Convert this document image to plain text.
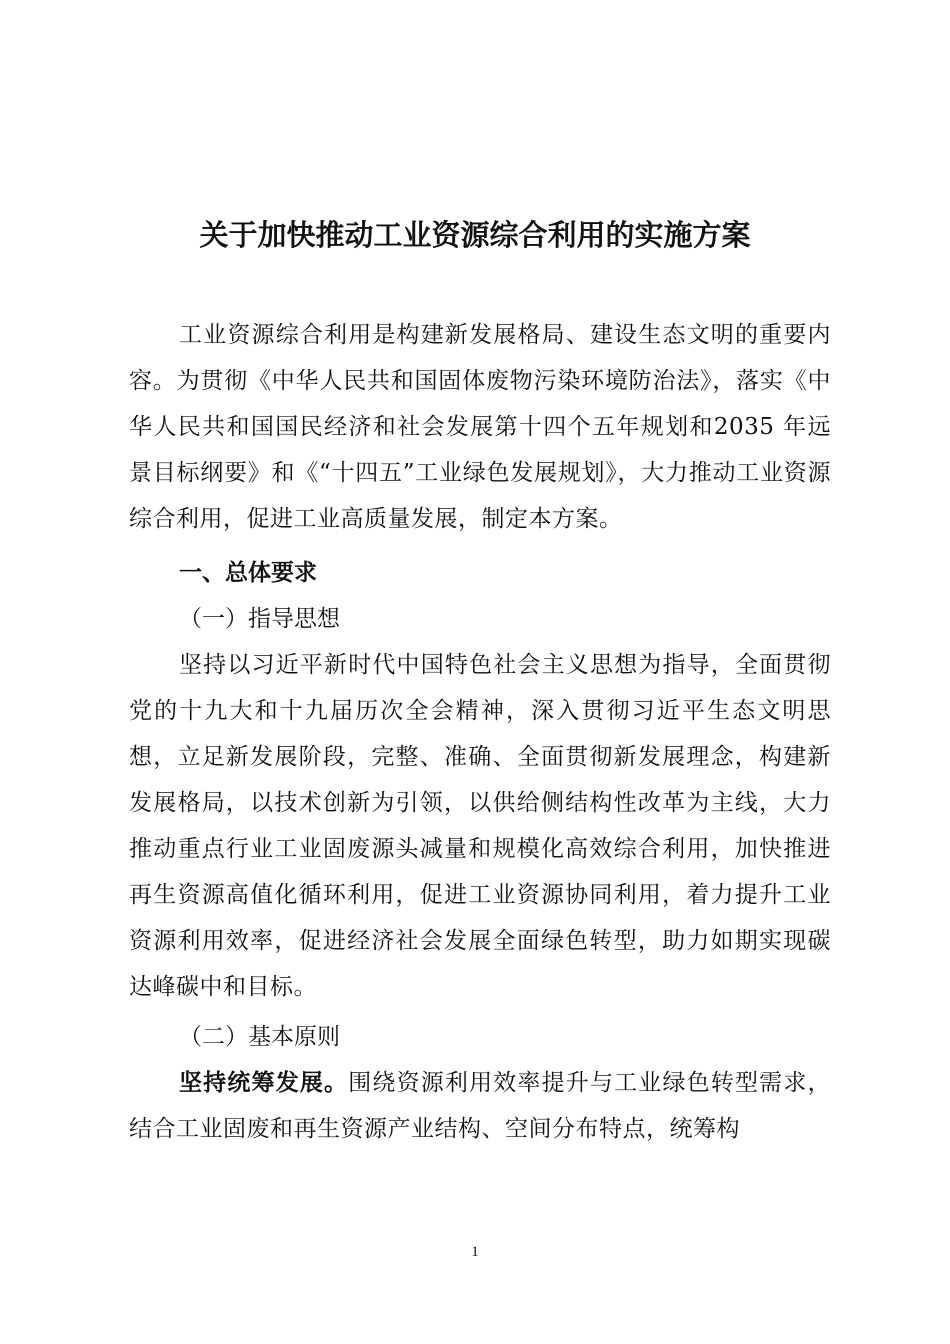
关于加快推动工业资源综合利用的实施方案
工业资源综合利用是构建新发展格局、建设生态文明的重要内容。为贯彻《中华人民共和国固体废物污染环境防治法》，落实《中华人民共和国国民经济和社会发展第十四个五年规划和2035 年远景目标纲要》和《“十四五”工业绿色发展规划》，大力推动工业资源综合利用，促进工业高质量发展，制定本方案。
一、总体要求
（一）指导思想
坚持以习近平新时代中国特色社会主义思想为指导，全面贯彻党的十九大和十九届历次全会精神，深入贯彻习近平生态文明思想，立足新发展阶段，完整、准确、全面贯彻新发展理念，构建新发展格局，以技术创新为引领，以供给侧结构性改革为主线，大力推动重点行业工业固废源头减量和规模化高效综合利用，加快推进再生资源高值化循环利用，促进工业资源协同利用，着力提升工业资源利用效率，促进经济社会发展全面绿色转型，助力如期实现碳达峰碳中和目标。
（二）基本原则
坚持统筹发展。围绕资源利用效率提升与工业绿色转型需求，结合工业固废和再生资源产业结构、空间分布特点，统筹构
1
